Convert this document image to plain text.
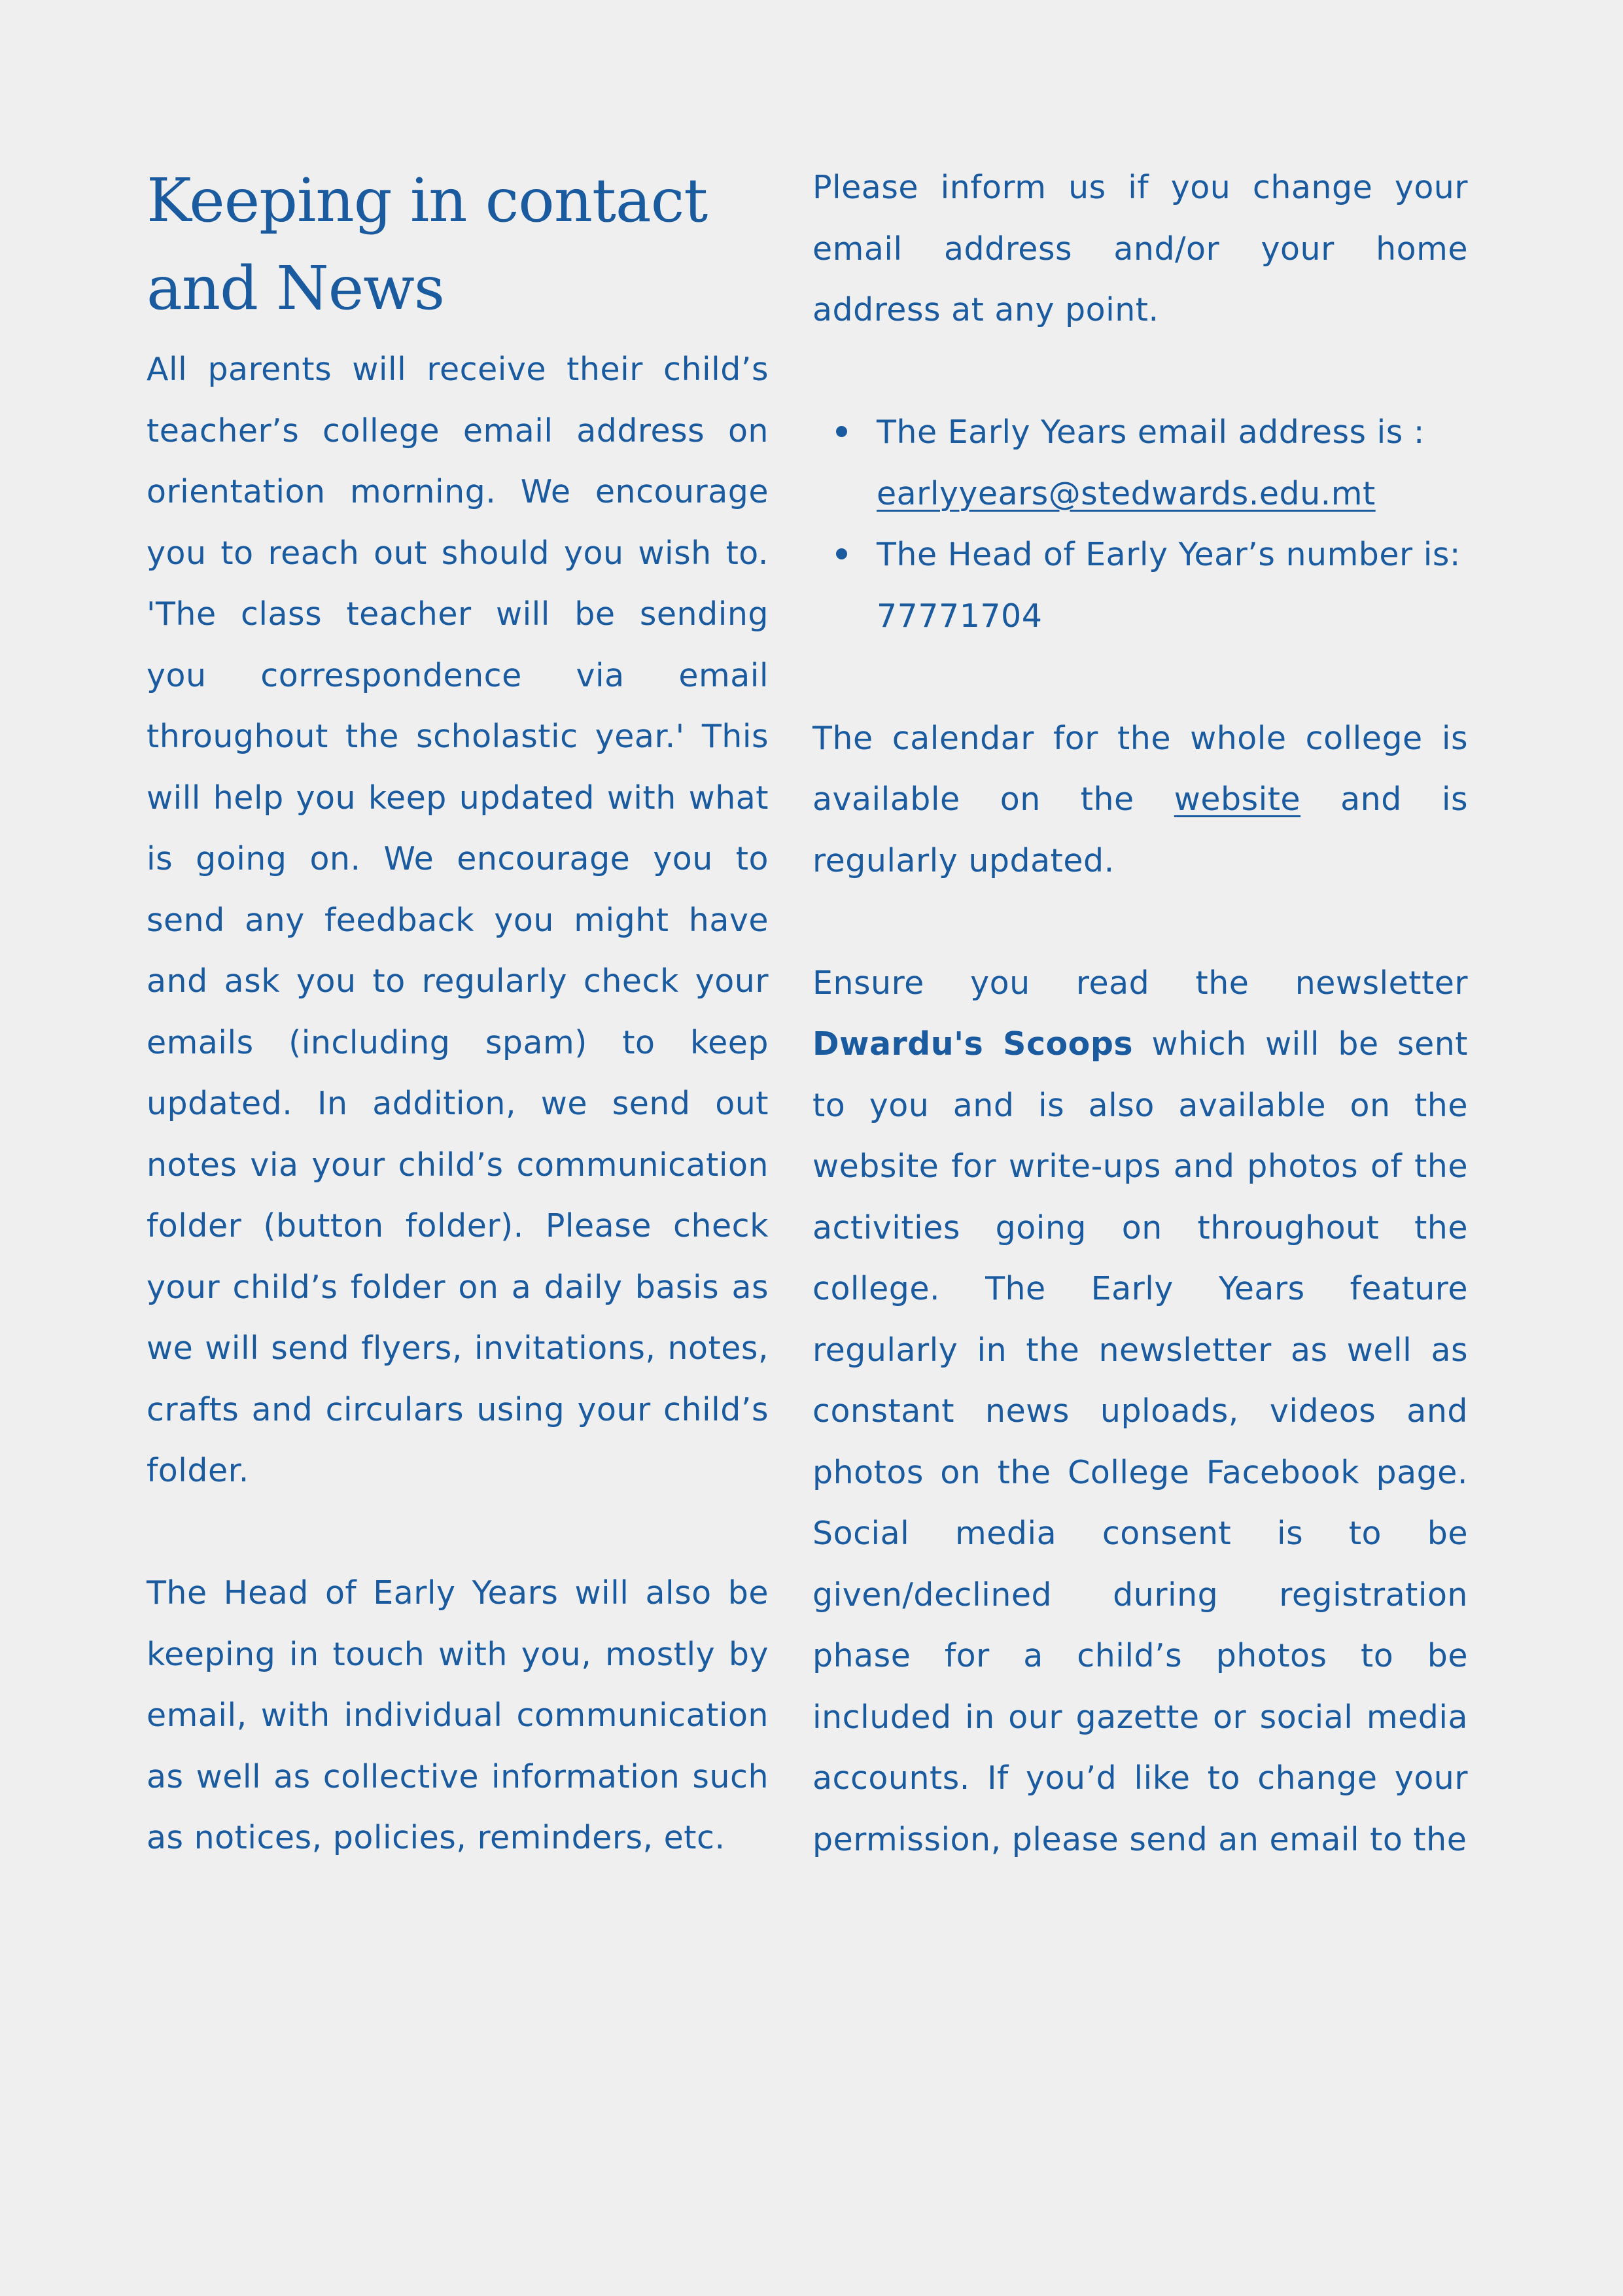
Keeping in contact
and News

All parents will receive their child’s teacher’s college email address on orientation morning. We encourage you to reach out should you wish to. 'The class teacher will be sending you correspondence via email throughout the scholastic year.' This will help you keep updated with what is going on. We encourage you to send any feedback you might have and ask you to regularly check your emails (including spam) to keep updated. In addition, we send out notes via your child’s communication folder (button folder). Please check your child’s folder on a daily basis as we will send flyers, invitations, notes, crafts and circulars using your child’s folder.

The Head of Early Years will also be keeping in touch with you, mostly by email, with individual communication as well as collective information such as notices, policies, reminders, etc.

Please inform us if you change your email address and/or your home address at any point.

The Early Years email address is :
earlyyears@stedwards.edu.mt
The Head of Early Year’s number is:
77771704

The calendar for the whole college is available on the website and is regularly updated.

Ensure you read the newsletter Dwardu's Scoops which will be sent to you and is also available on the website for write-ups and photos of the activities going on throughout the college. The Early Years feature regularly in the newsletter as well as constant news uploads, videos and photos on the College Facebook page. Social media consent is to be given/declined during registration phase for a child’s photos to be included in our gazette or social media accounts. If you’d like to change your permission, please send an email to the
